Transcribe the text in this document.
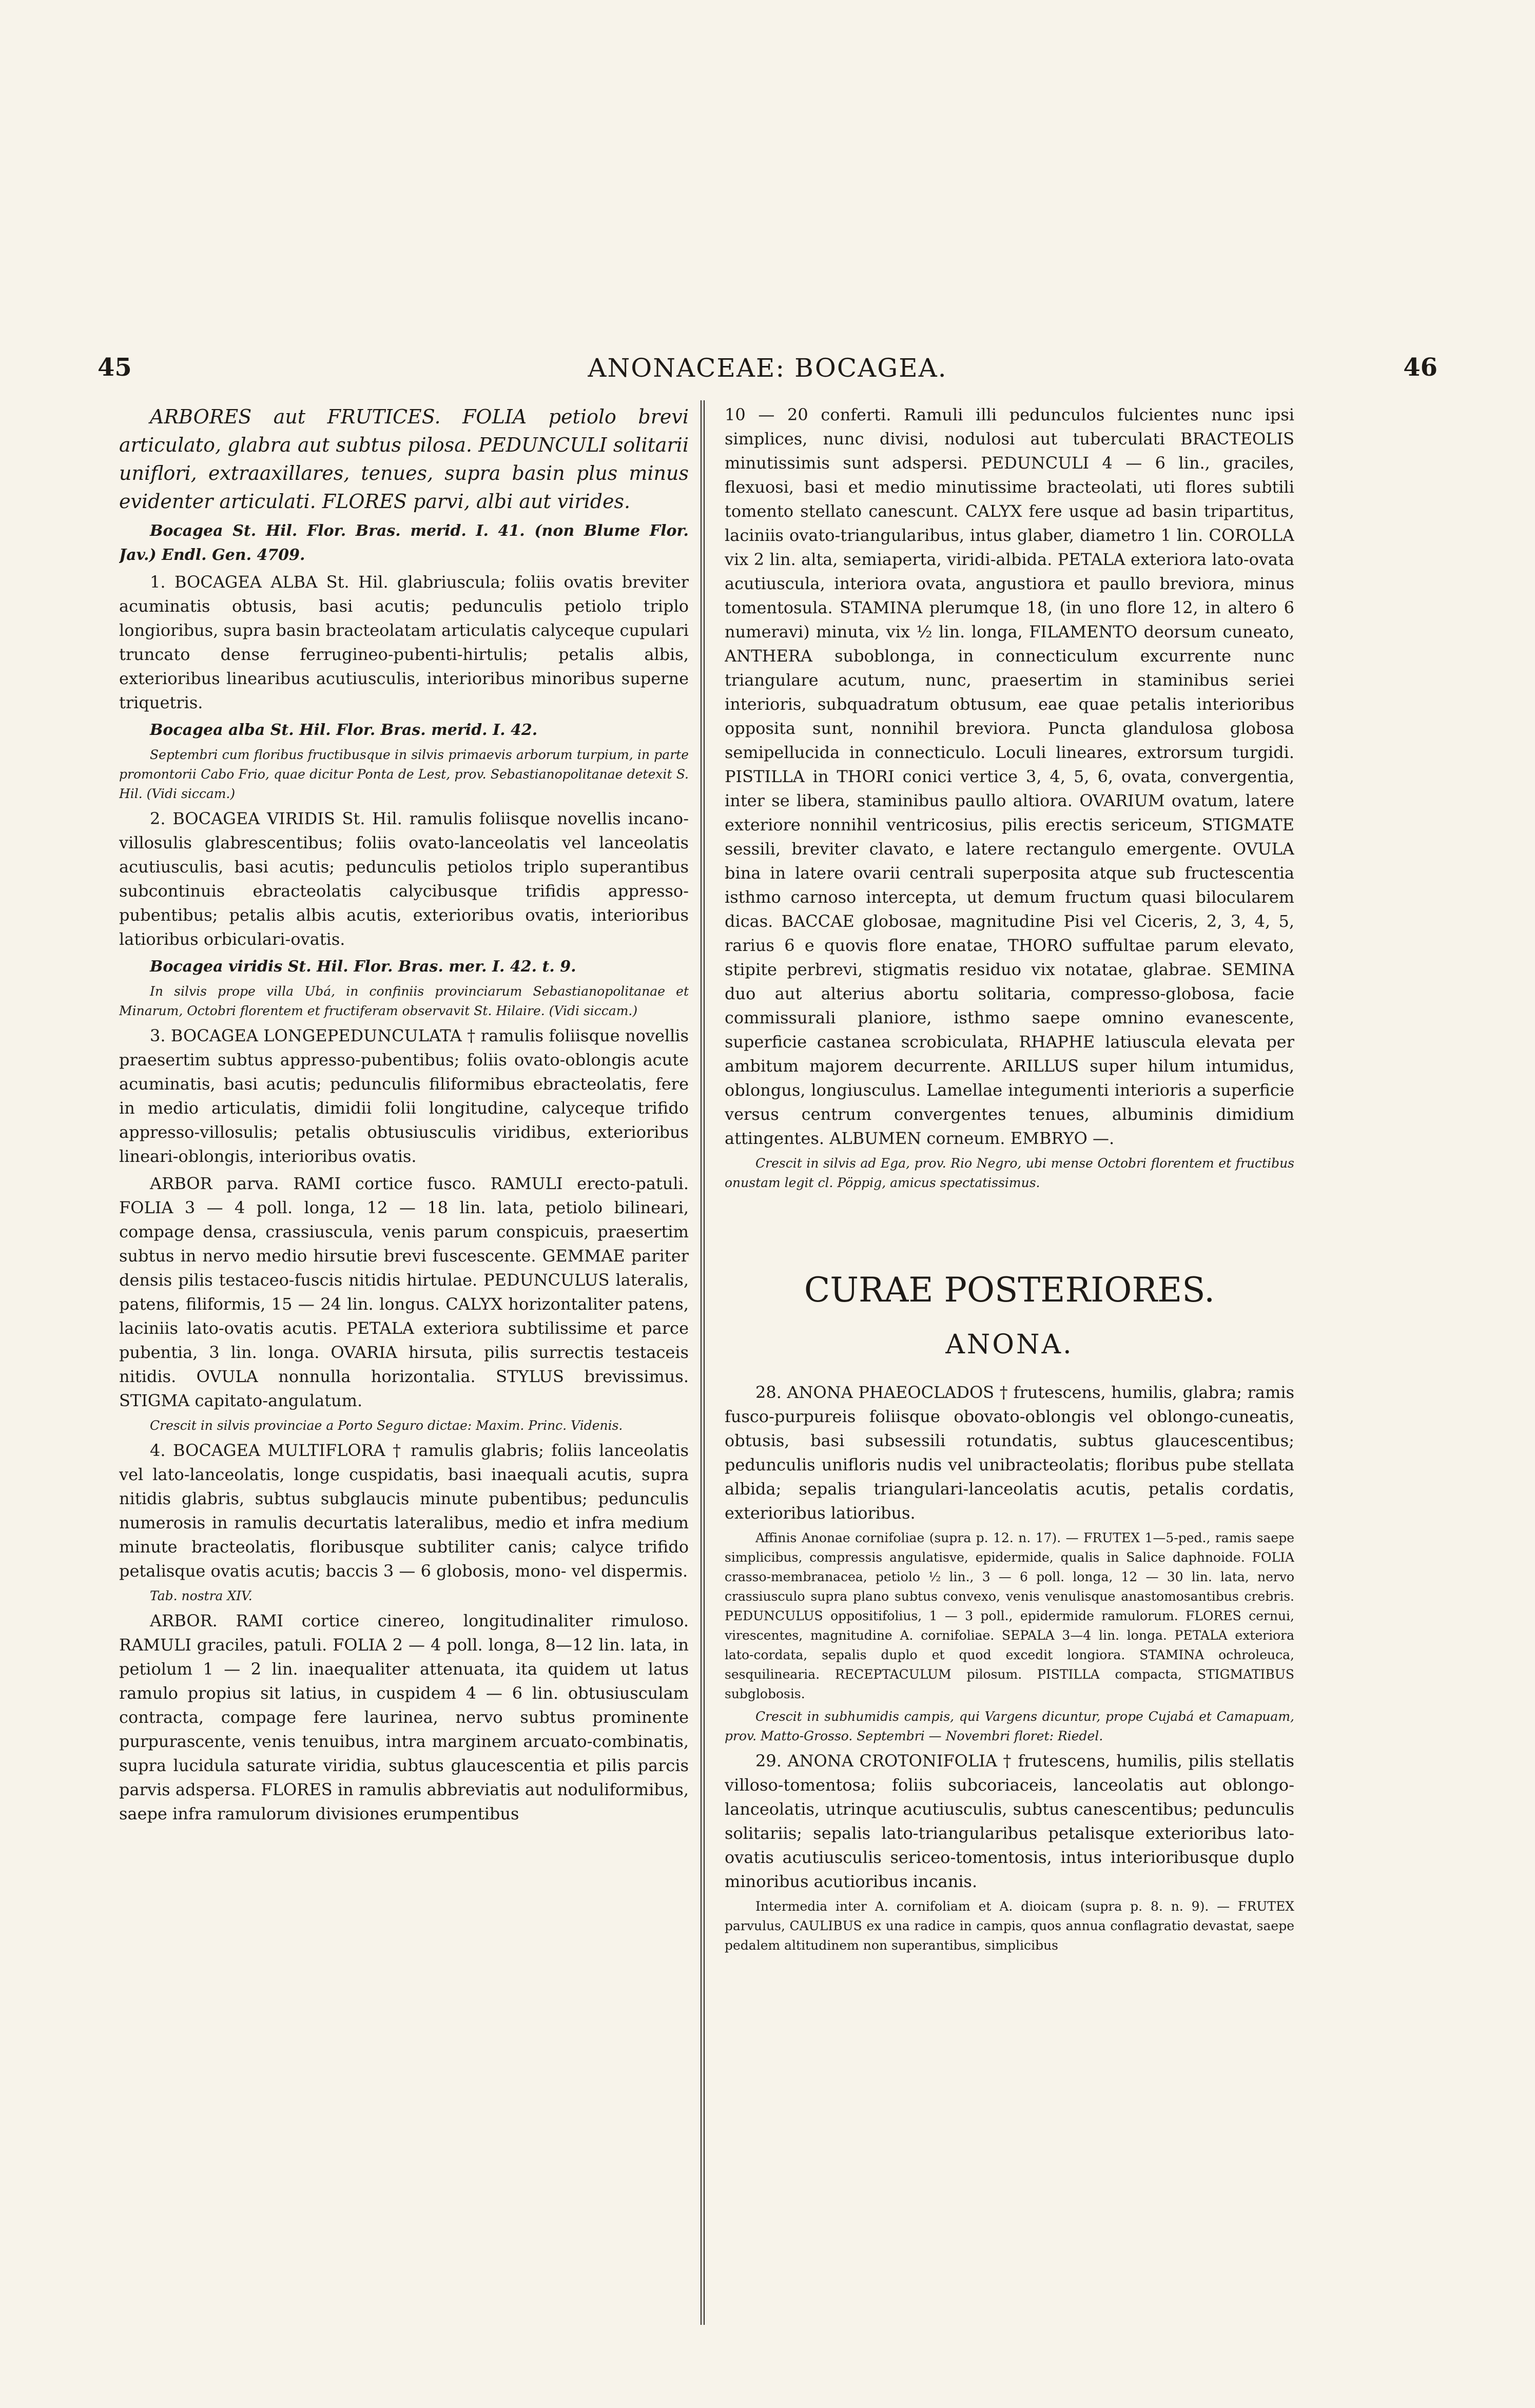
45	ANONACEAE: BOCAGEA.	46

ARBORES aut FRUTICES. FOLIA petiolo brevi articulato, glabra aut subtus pilosa. PEDUNCULI solitarii uniflori, extraaxillares, tenues, supra basin plus minus evidenter articulati. FLORES parvi, albi aut virides.

Bocagea St. Hil. Flor. Bras. merid. I. 41. (non Blume Flor. Jav.) Endl. Gen. 4709.

1. BOCAGEA ALBA St. Hil. glabriuscula; foliis ovatis breviter acuminatis obtusis, basi acutis; pedunculis petiolo triplo longioribus, supra basin bracteolatam articulatis calyceque cupulari truncato dense ferrugineo-pubenti-hirtulis; petalis albis, exterioribus linearibus acutiusculis, interioribus minoribus superne triquetris.

Bocagea alba St. Hil. Flor. Bras. merid. I. 42.

Septembri cum floribus fructibusque in silvis primaevis arborum turpium, in parte promontorii Cabo Frio, quae dicitur Ponta de Lest, prov. Sebastianopolitanae detexit S. Hil. (Vidi siccam.)

2. BOCAGEA VIRIDIS St. Hil. ramulis foliisque novellis incano-villosulis glabrescentibus; foliis ovato-lanceolatis vel lanceolatis acutiusculis, basi acutis; pedunculis petiolos triplo superantibus subcontinuis ebracteolatis calycibusque trifidis appresso-pubentibus; petalis albis acutis, exterioribus ovatis, interioribus latioribus orbiculari-ovatis.

Bocagea viridis St. Hil. Flor. Bras. mer. I. 42. t. 9.

In silvis prope villa Ubá, in confiniis provinciarum Sebastianopolitanae et Minarum, Octobri florentem et fructiferam observavit St. Hilaire. (Vidi siccam.)

3. BOCAGEA LONGEPEDUNCULATA † ramulis foliisque novellis praesertim subtus appresso-pubentibus; foliis ovato-oblongis acute acuminatis, basi acutis; pedunculis filiformibus ebracteolatis, fere in medio articulatis, dimidii folii longitudine, calyceque trifido appresso-villosulis; petalis obtusiusculis viridibus, exterioribus lineari-oblongis, interioribus ovatis.

ARBOR parva. RAMI cortice fusco. RAMULI erecto-patuli. FOLIA 3 — 4 poll. longa, 12 — 18 lin. lata, petiolo bilineari, compage densa, crassiuscula, venis parum conspicuis, praesertim subtus in nervo medio hirsutie brevi fuscescente. GEMMAE pariter densis pilis testaceo-fuscis nitidis hirtulae. PEDUNCULUS lateralis, patens, filiformis, 15 — 24 lin. longus. CALYX horizontaliter patens, laciniis lato-ovatis acutis. PETALA exteriora subtilissime et parce pubentia, 3 lin. longa. OVARIA hirsuta, pilis surrectis testaceis nitidis. OVULA nonnulla horizontalia. STYLUS brevissimus. STIGMA capitato-angulatum.

Crescit in silvis provinciae a Porto Seguro dictae: Maxim. Princ. Videnis.

4. BOCAGEA MULTIFLORA † ramulis glabris; foliis lanceolatis vel lato-lanceolatis, longe cuspidatis, basi inaequali acutis, supra nitidis glabris, subtus subglaucis minute pubentibus; pedunculis numerosis in ramulis decurtatis lateralibus, medio et infra medium minute bracteolatis, floribusque subtiliter canis; calyce trifido petalisque ovatis acutis; baccis 3 — 6 globosis, mono- vel dispermis.

Tab. nostra XIV.

ARBOR. RAMI cortice cinereo, longitudinaliter rimuloso. RAMULI graciles, patuli. FOLIA 2 — 4 poll. longa, 8—12 lin. lata, in petiolum 1 — 2 lin. inaequaliter attenuata, ita quidem ut latus ramulo propius sit latius, in cuspidem 4 — 6 lin. obtusiusculam contracta, compage fere laurinea, nervo subtus prominente purpurascente, venis tenuibus, intra marginem arcuato-combinatis, supra lucidula saturate viridia, subtus glaucescentia et pilis parcis parvis adspersa. FLORES in ramulis abbreviatis aut noduliformibus, saepe infra ramulorum divisiones erumpentibus

10 — 20 conferti. Ramuli illi pedunculos fulcientes nunc ipsi simplices, nunc divisi, nodulosi aut tuberculati BRACTEOLIS minutissimis sunt adspersi. PEDUNCULI 4 — 6 lin., graciles, flexuosi, basi et medio minutissime bracteolati, uti flores subtili tomento stellato canescunt. CALYX fere usque ad basin tripartitus, laciniis ovato-triangularibus, intus glaber, diametro 1 lin. COROLLA vix 2 lin. alta, semiaperta, viridi-albida. PETALA exteriora lato-ovata acutiuscula, interiora ovata, angustiora et paullo breviora, minus tomentosula. STAMINA plerumque 18, (in uno flore 12, in altero 6 numeravi) minuta, vix ½ lin. longa, FILAMENTO deorsum cuneato, ANTHERA suboblonga, in connecticulum excurrente nunc triangulare acutum, nunc, praesertim in staminibus seriei interioris, subquadratum obtusum, eae quae petalis interioribus opposita sunt, nonnihil breviora. Puncta glandulosa globosa semipellucida in connecticulo. Loculi lineares, extrorsum turgidi. PISTILLA in THORI conici vertice 3, 4, 5, 6, ovata, convergentia, inter se libera, staminibus paullo altiora. OVARIUM ovatum, latere exteriore nonnihil ventricosius, pilis erectis sericeum, STIGMATE sessili, breviter clavato, e latere rectangulo emergente. OVULA bina in latere ovarii centrali superposita atque sub fructescentia isthmo carnoso intercepta, ut demum fructum quasi bilocularem dicas. BACCAE globosae, magnitudine Pisi vel Ciceris, 2, 3, 4, 5, rarius 6 e quovis flore enatae, THORO suffultae parum elevato, stipite perbrevi, stigmatis residuo vix notatae, glabrae. SEMINA duo aut alterius abortu solitaria, compresso-globosa, facie commissurali planiore, isthmo saepe omnino evanescente, superficie castanea scrobiculata, RHAPHE latiuscula elevata per ambitum majorem decurrente. ARILLUS super hilum intumidus, oblongus, longiusculus. Lamellae integumenti interioris a superficie versus centrum convergentes tenues, albuminis dimidium attingentes. ALBUMEN corneum. EMBRYO —.

Crescit in silvis ad Ega, prov. Rio Negro, ubi mense Octobri florentem et fructibus onustam legit cl. Pöppig, amicus spectatissimus.

CURAE POSTERIORES.
ANONA.

28. ANONA PHAEOCLADOS † frutescens, humilis, glabra; ramis fusco-purpureis foliisque obovato-oblongis vel oblongo-cuneatis, obtusis, basi subsessili rotundatis, subtus glaucescentibus; pedunculis unifloris nudis vel unibracteolatis; floribus pube stellata albida; sepalis triangulari-lanceolatis acutis, petalis cordatis, exterioribus latioribus.

Affinis Anonae cornifoliae (supra p. 12. n. 17). — FRUTEX 1—5-ped., ramis saepe simplicibus, compressis angulatisve, epidermide, qualis in Salice daphnoide. FOLIA crasso-membranacea, petiolo ½ lin., 3 — 6 poll. longa, 12 — 30 lin. lata, nervo crassiusculo supra plano subtus convexo, venis venulisque anastomosantibus crebris. PEDUNCULUS oppositifolius, 1 — 3 poll., epidermide ramulorum. FLORES cernui, virescentes, magnitudine A. cornifoliae. SEPALA 3—4 lin. longa. PETALA exteriora lato-cordata, sepalis duplo et quod excedit longiora. STAMINA ochroleuca, sesquilinearia. RECEPTACULUM pilosum. PISTILLA compacta, STIGMATIBUS subglobosis.

Crescit in subhumidis campis, qui Vargens dicuntur, prope Cujabá et Camapuam, prov. Matto-Grosso. Septembri — Novembri floret: Riedel.

29. ANONA CROTONIFOLIA † frutescens, humilis, pilis stellatis villoso-tomentosa; foliis subcoriaceis, lanceolatis aut oblongo-lanceolatis, utrinque acutiusculis, subtus canescentibus; pedunculis solitariis; sepalis lato-triangularibus petalisque exterioribus lato-ovatis acutiusculis sericeo-tomentosis, intus interioribusque duplo minoribus acutioribus incanis.

Intermedia inter A. cornifoliam et A. dioicam (supra p. 8. n. 9). — FRUTEX parvulus, CAULIBUS ex una radice in campis, quos annua conflagratio devastat, saepe pedalem altitudinem non superantibus, simplicibus
